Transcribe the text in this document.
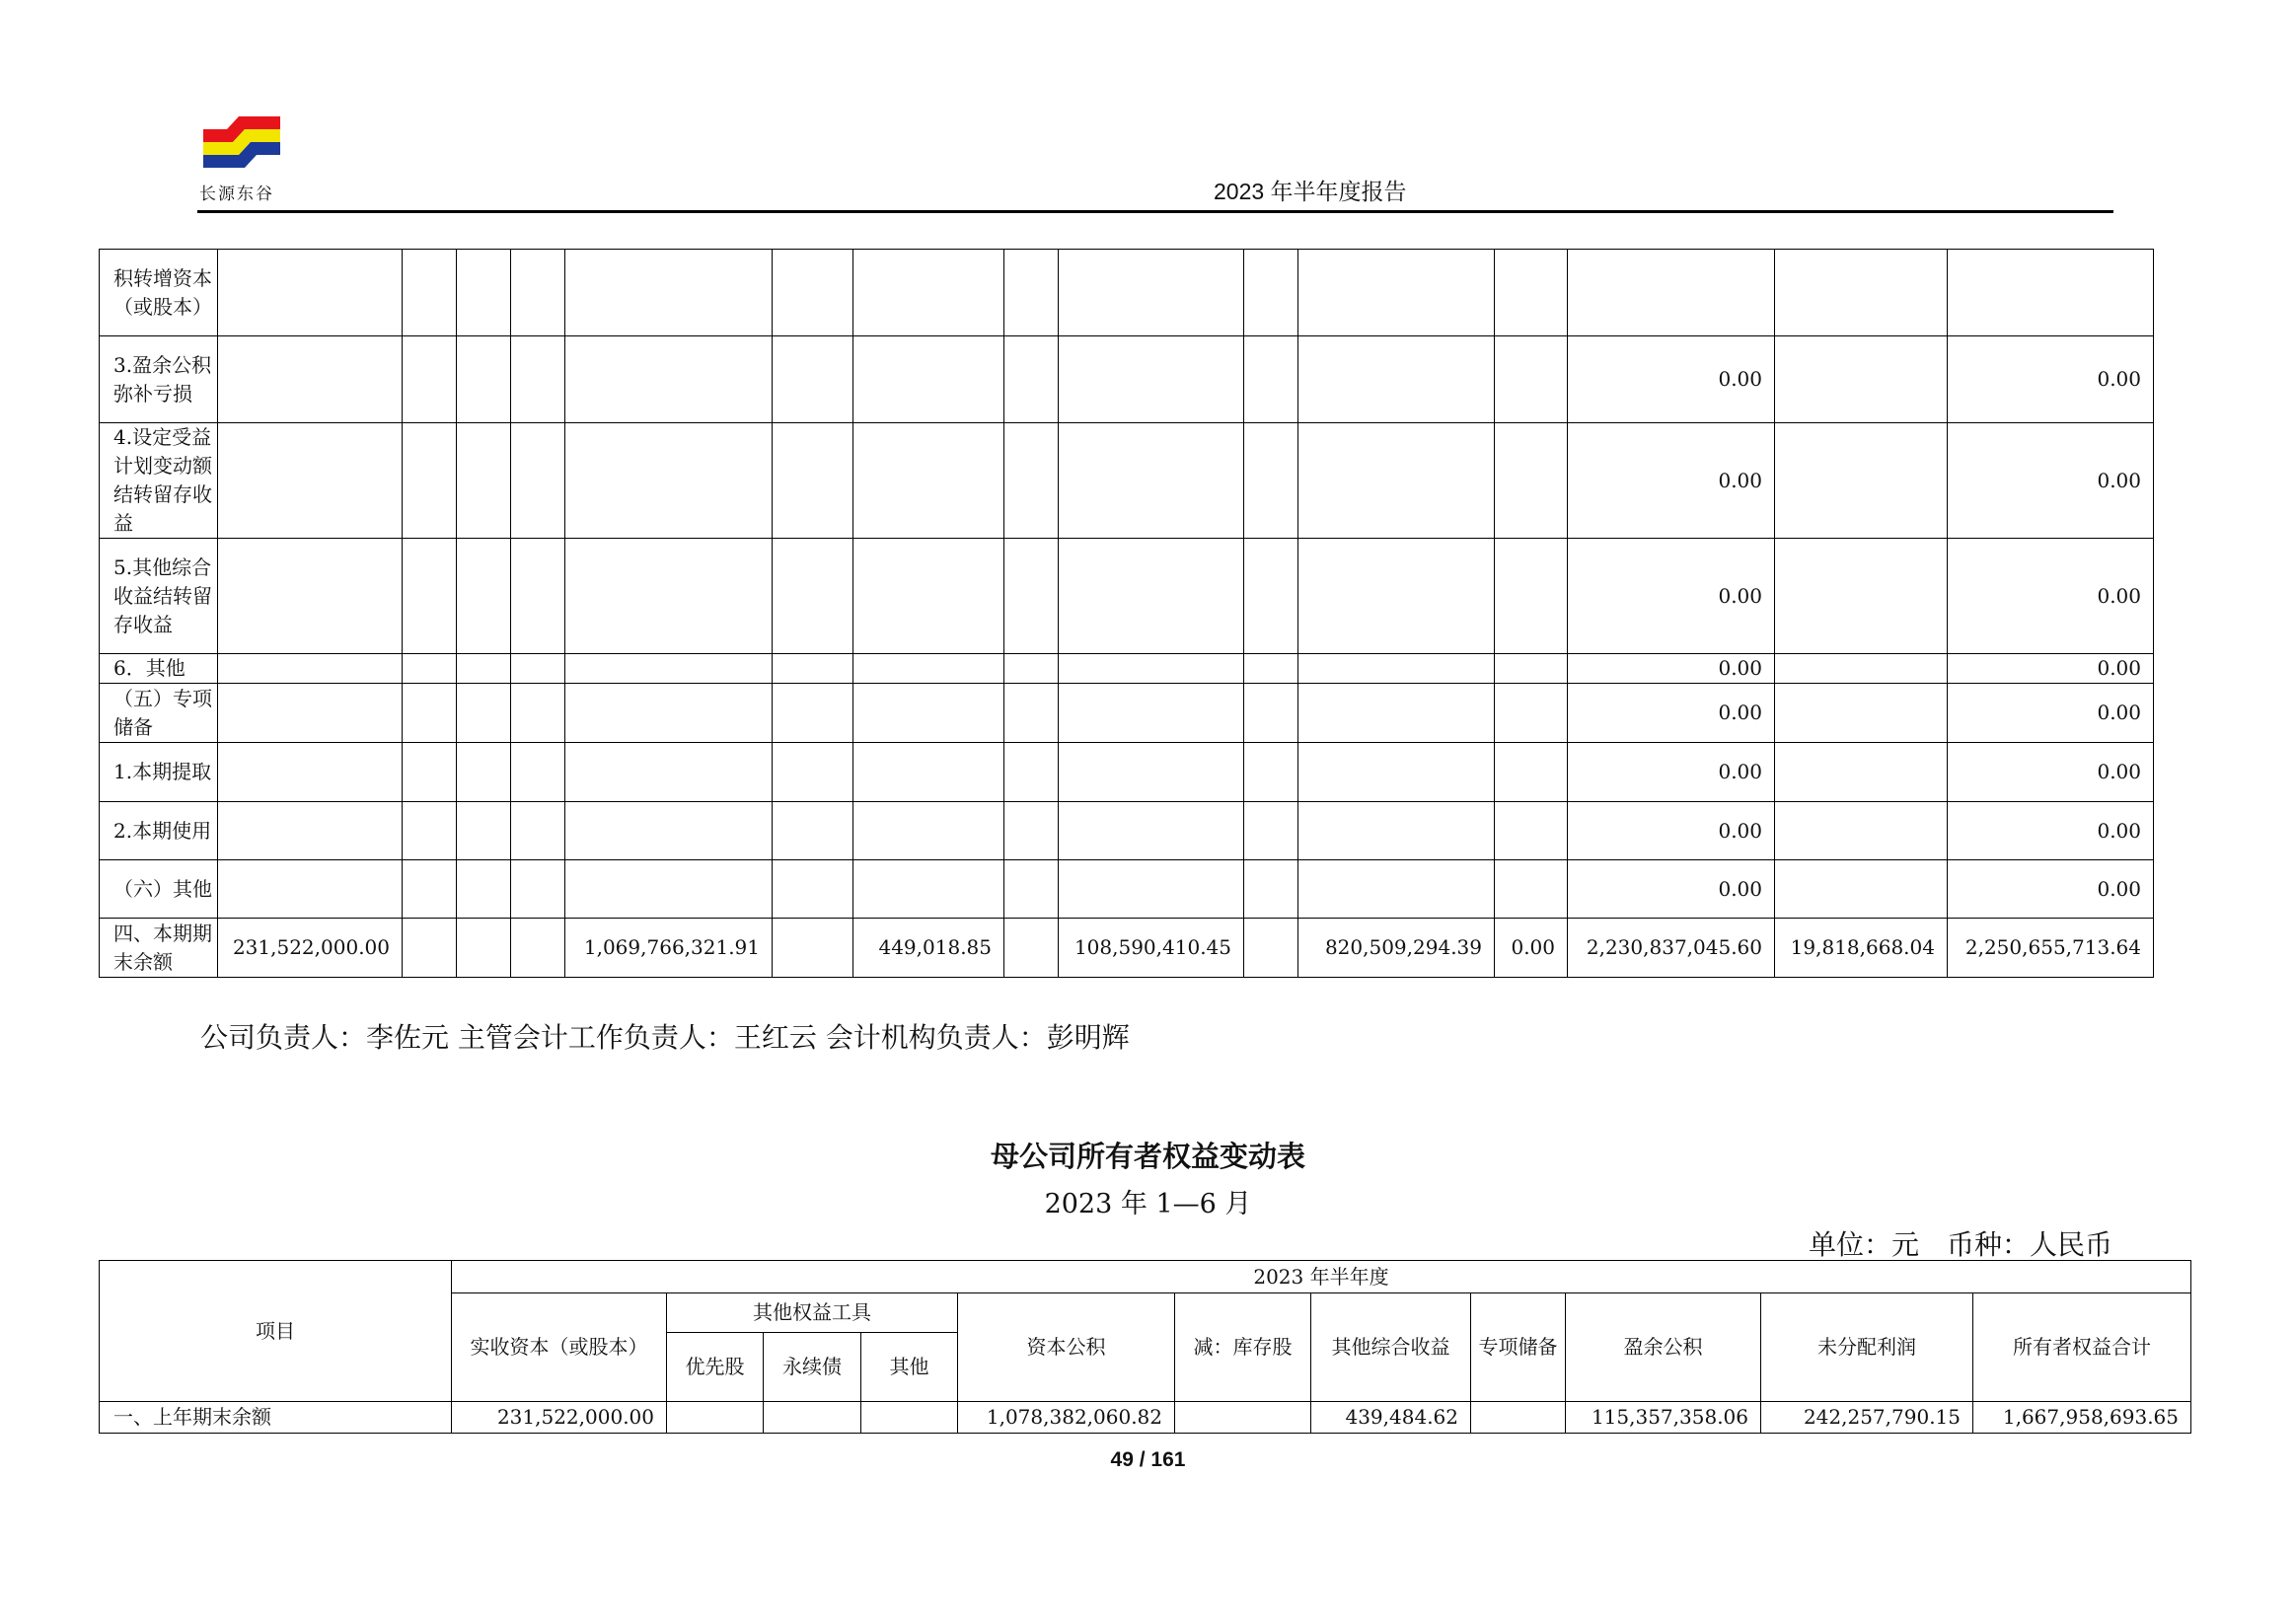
长源东谷	2023 年半年度报告
积转增资本（或股本）															
3.盈余公积弥补亏损													0.00		0.00
4.设定受益计划变动额结转留存收益													0.00		0.00
5.其他综合收益结转留存收益													0.00		0.00
6．其他													0.00		0.00
（五）专项储备													0.00		0.00
1.本期提取													0.00		0.00
2.本期使用													0.00		0.00
（六）其他													0.00		0.00
四、本期期末余额	231,522,000.00				1,069,766,321.91		449,018.85		108,590,410.45		820,509,294.39	0.00	2,230,837,045.60	19,818,668.04	2,250,655,713.64
公司负责人：李佐元 主管会计工作负责人：王红云 会计机构负责人：彭明辉
母公司所有者权益变动表
2023 年 1—6 月
单位：元　币种：人民币
项目	2023 年半年度										
	实收资本（或股本）	其他权益工具			资本公积	减：库存股	其他综合收益	专项储备	盈余公积	未分配利润	所有者权益合计
		优先股	永续债	其他							
一、上年期末余额	231,522,000.00				1,078,382,060.82		439,484.62		115,357,358.06	242,257,790.15	1,667,958,693.65
49 / 161
